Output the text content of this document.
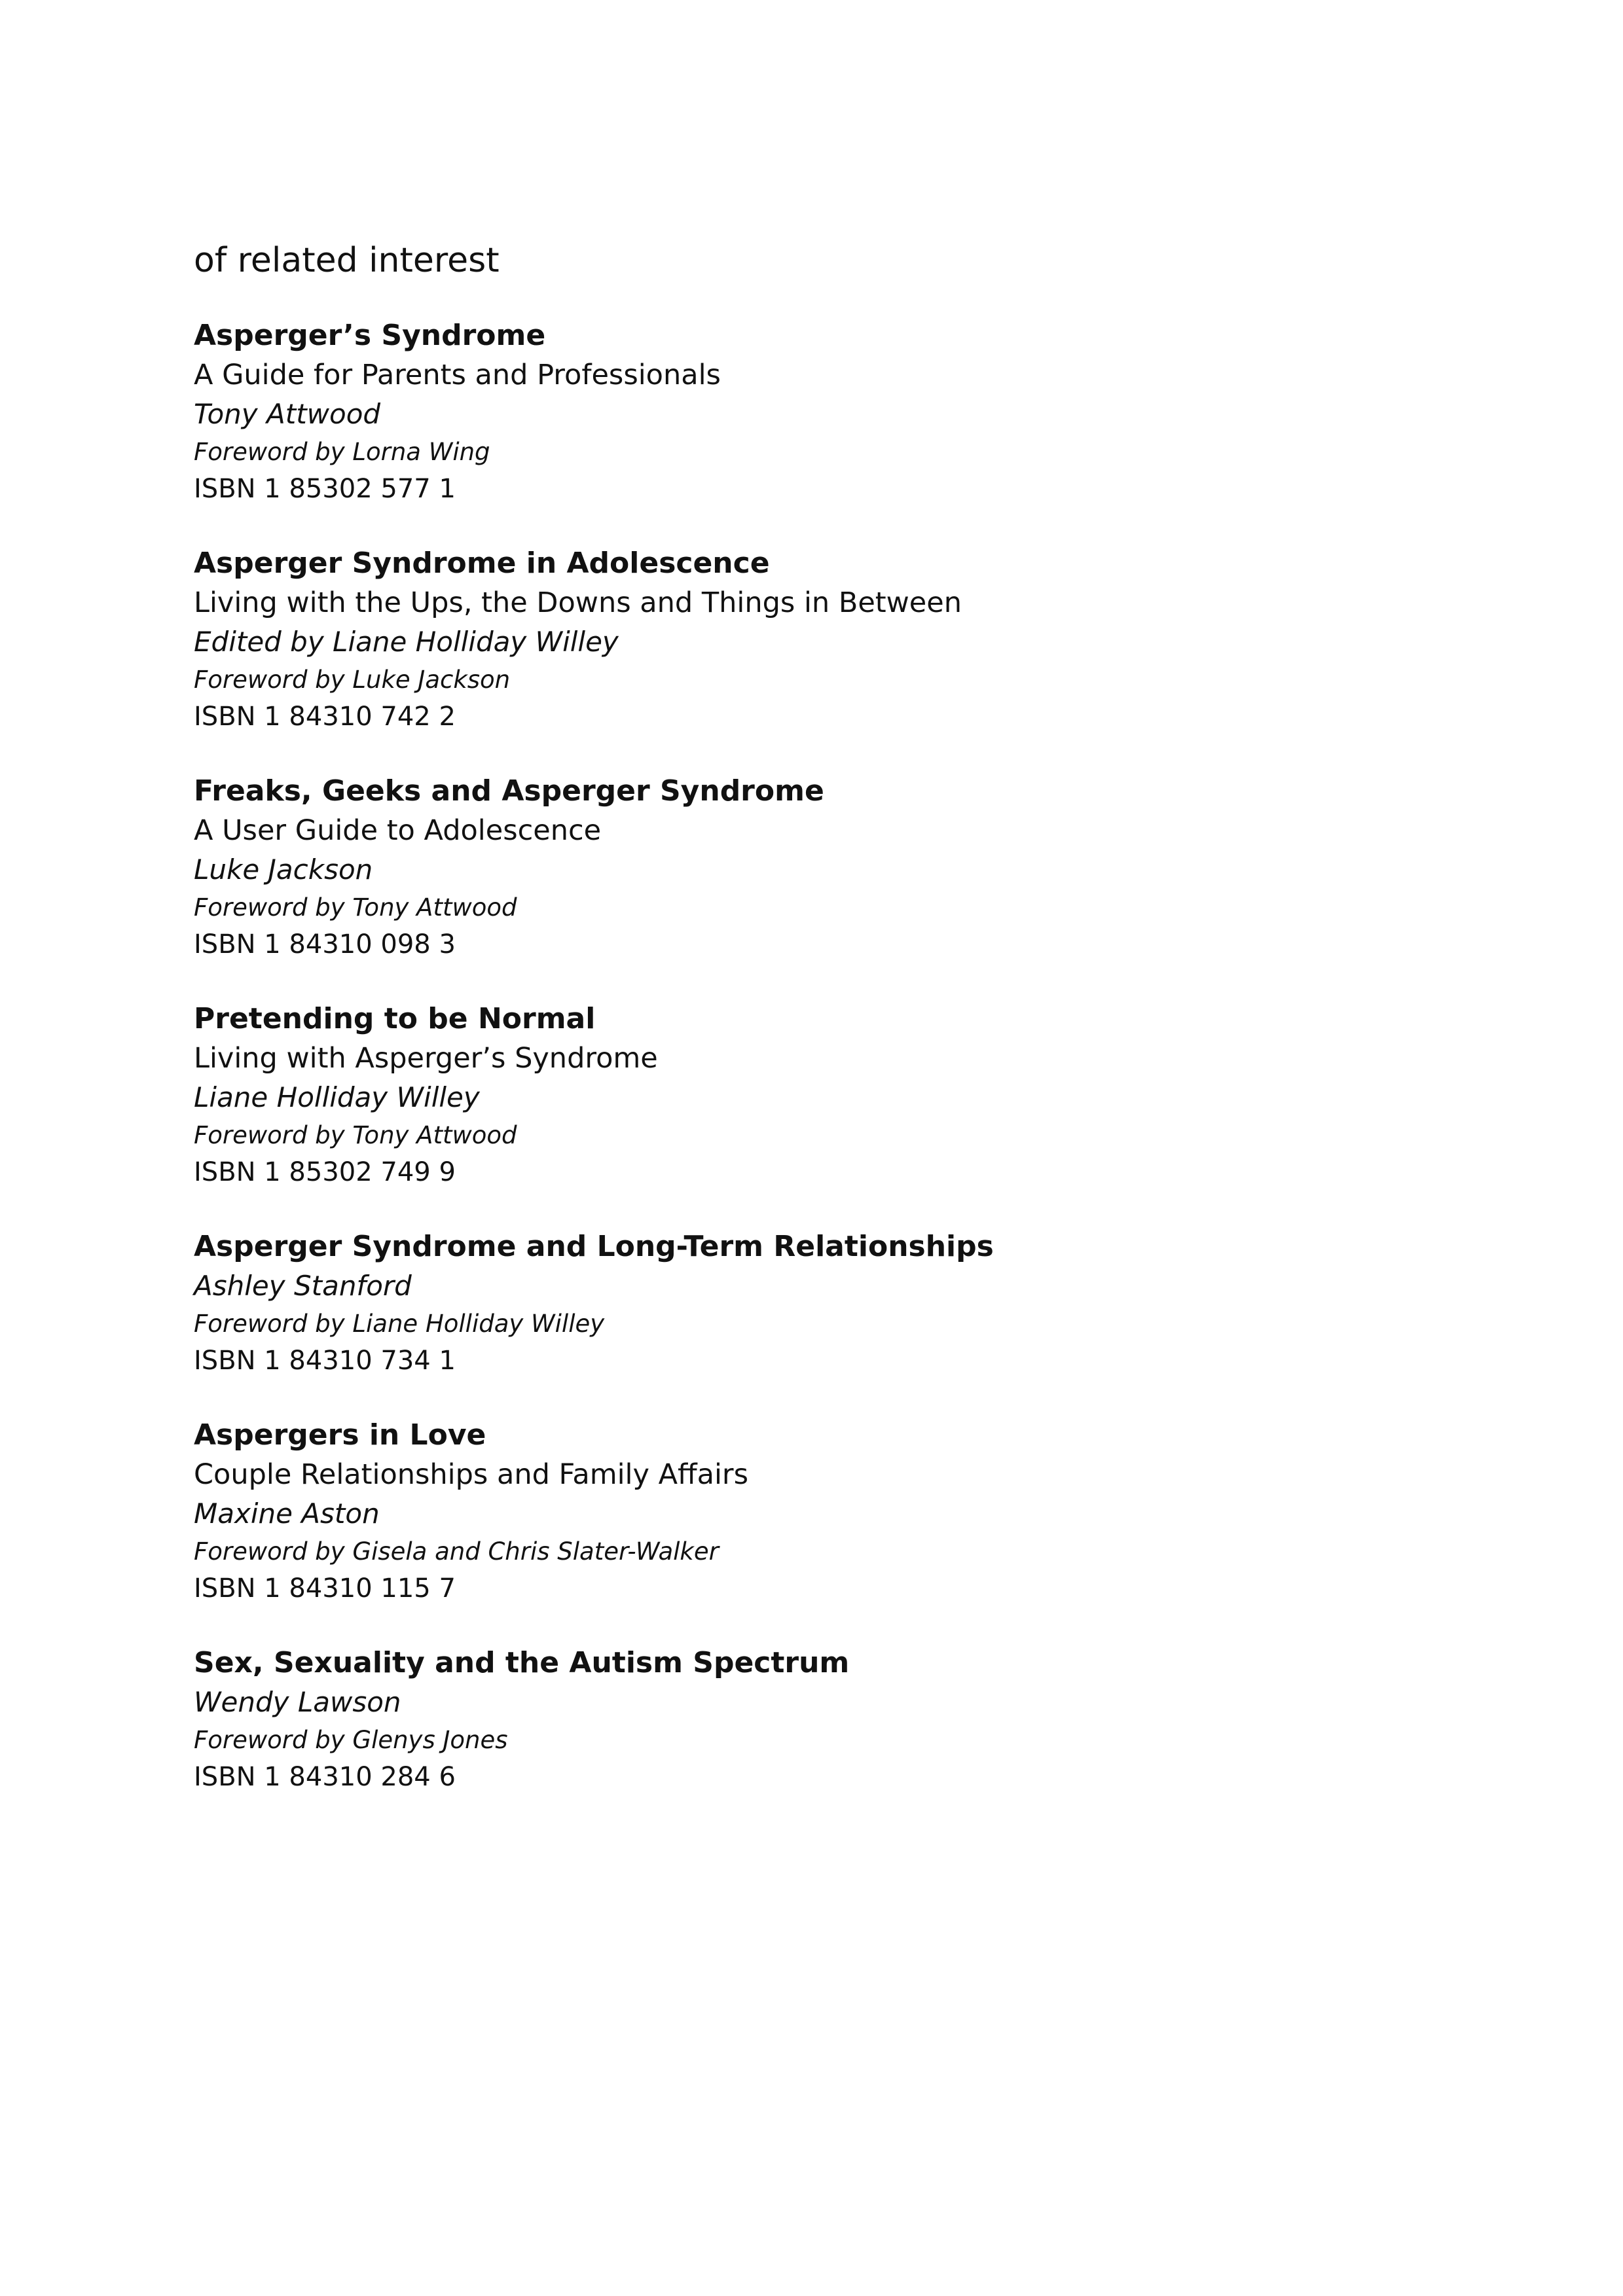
of related interest

Asperger’s Syndrome

A Guide for Parents and Professionals

Tony Attwood

Foreword by Lorna Wing

ISBN 1 85302 577 1

Asperger Syndrome in Adolescence

Living with the Ups, the Downs and Things in Between

Edited by Liane Holliday Willey

Foreword by Luke Jackson

ISBN 1 84310 742 2

Freaks, Geeks and Asperger Syndrome

A User Guide to Adolescence

Luke Jackson

Foreword by Tony Attwood

ISBN 1 84310 098 3

Pretending to be Normal

Living with Asperger’s Syndrome

Liane Holliday Willey

Foreword by Tony Attwood

ISBN 1 85302 749 9

Asperger Syndrome and Long-Term Relationships

Ashley Stanford

Foreword by Liane Holliday Willey

ISBN 1 84310 734 1

Aspergers in Love

Couple Relationships and Family Affairs

Maxine Aston

Foreword by Gisela and Chris Slater-Walker

ISBN 1 84310 115 7

Sex, Sexuality and the Autism Spectrum

Wendy Lawson

Foreword by Glenys Jones

ISBN 1 84310 284 6
